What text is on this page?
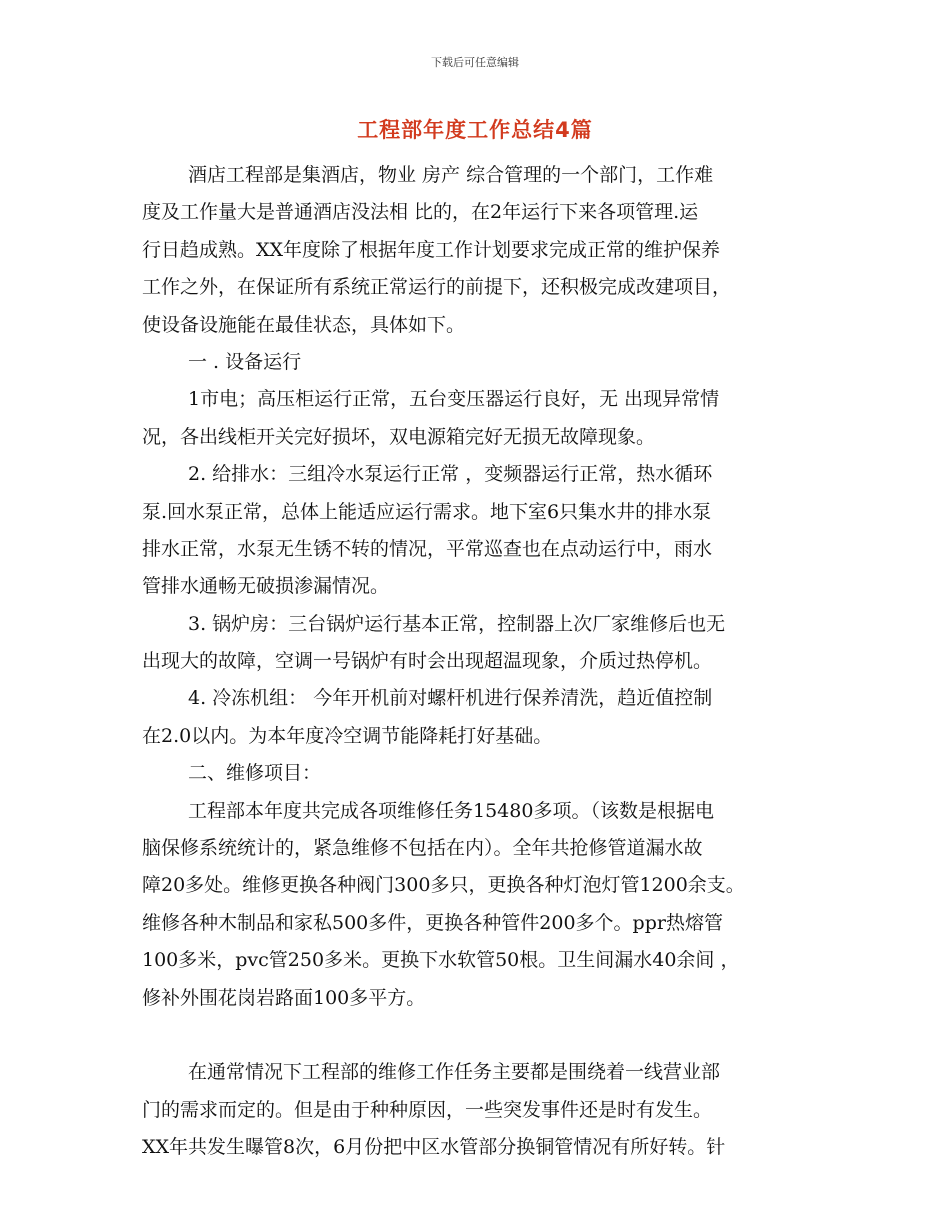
下载后可任意编辑
工程部年度工作总结4篇
酒店工程部是集酒店，物业 房产 综合管理的一个部门，工作难
度及工作量大是普通酒店没法相 比的，在2年运行下来各项管理.运
行日趋成熟。XX年度除了根据年度工作计划要求完成正常的维护保养
工作之外，在保证所有系统正常运行的前提下，还积极完成改建项目，
使设备设施能在最佳状态，具体如下。
一 . 设备运行
1市电；高压柜运行正常，五台变压器运行良好，无 出现异常情
况，各出线柜开关完好损坏，双电源箱完好无损无故障现象。
2. 给排水：三组冷水泵运行正常 ，变频器运行正常，热水循环
泵.回水泵正常，总体上能适应运行需求。地下室6只集水井的排水泵
排水正常，水泵无生锈不转的情况，平常巡查也在点动运行中，雨水
管排水通畅无破损渗漏情况。
3. 锅炉房：三台锅炉运行基本正常，控制器上次厂家维修后也无
出现大的故障，空调一号锅炉有时会出现超温现象，介质过热停机。
4. 冷冻机组： 今年开机前对螺杆机进行保养清洗，趋近值控制
在2.0以内。为本年度冷空调节能降耗打好基础。
二、维修项目：
工程部本年度共完成各项维修任务15480多项。（该数是根据电
脑保修系统统计的，紧急维修不包括在内）。全年共抢修管道漏水故
障20多处。维修更换各种阀门300多只，更换各种灯泡灯管1200余支。
维修各种木制品和家私500多件，更换各种管件200多个。ppr热熔管
100多米，pvc管250多米。更换下水软管50根。卫生间漏水40余间 ，
修补外围花岗岩路面100多平方。
在通常情况下工程部的维修工作任务主要都是围绕着一线营业部
门的需求而定的。但是由于种种原因，一些突发事件还是时有发生。
XX年共发生曝管8次，6月份把中区水管部分换铜管情况有所好转。针
